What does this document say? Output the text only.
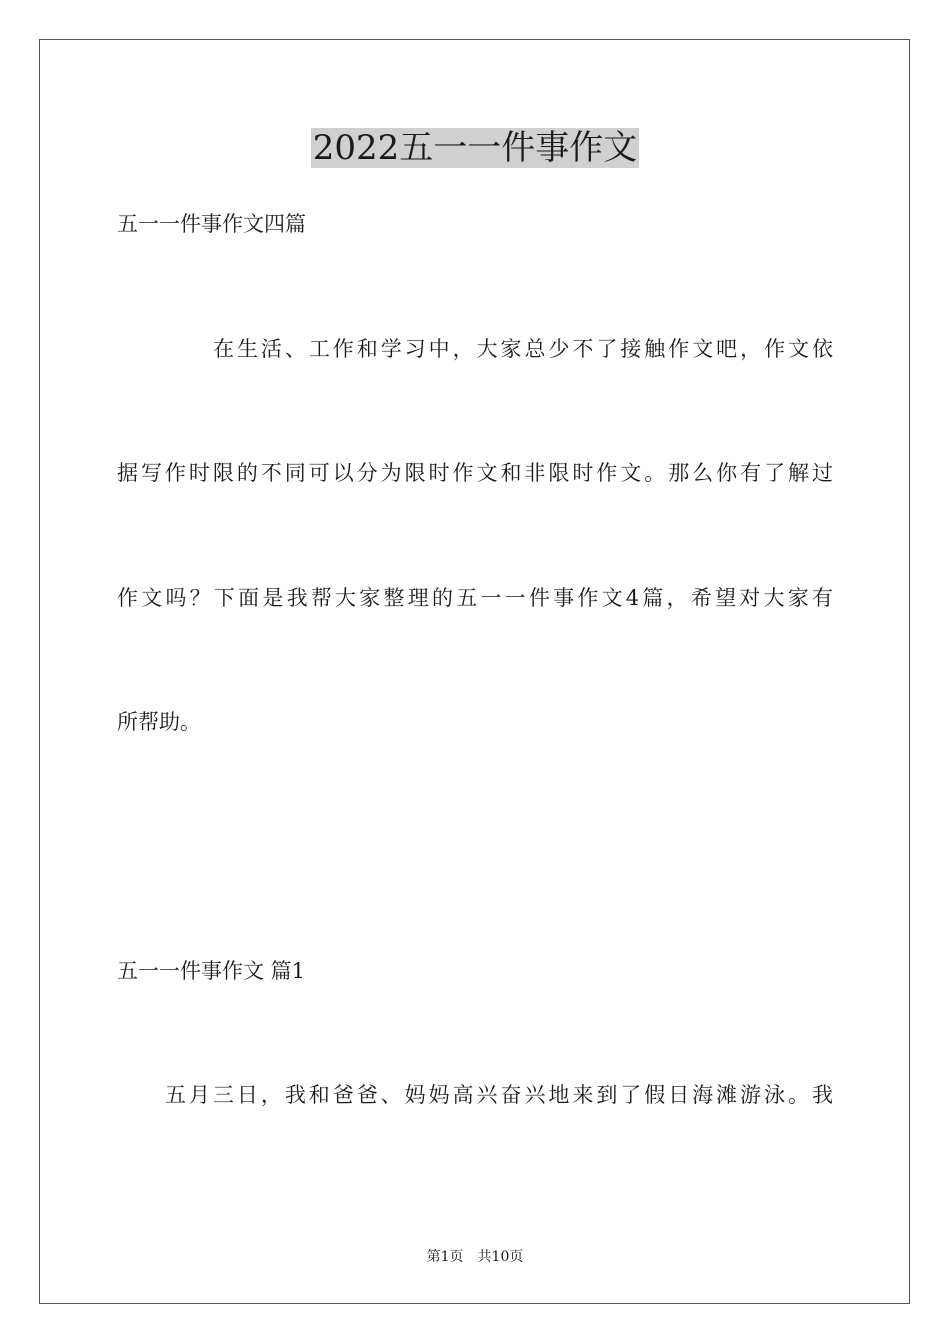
2022五一一件事作文

五一一件事作文四篇

在生活、工作和学习中，大家总少不了接触作文吧，作文依

据写作时限的不同可以分为限时作文和非限时作文。那么你有了解过

作文吗？下面是我帮大家整理的五一一件事作文4篇，希望对大家有

所帮助。

五一一件事作文 篇1

五月三日，我和爸爸、妈妈高兴奋兴地来到了假日海滩游泳。我

第1页 共10页
